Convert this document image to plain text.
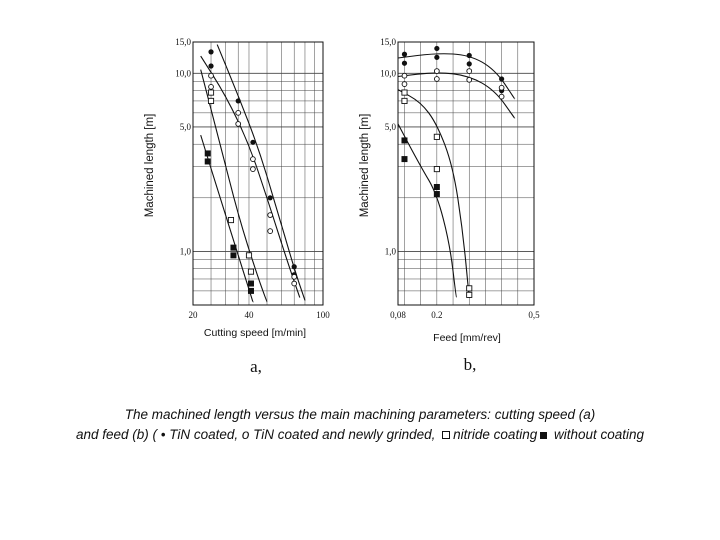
20	40	100
15,0
10,0
5,0
1,0
Cutting speed [m/min]
Machined length [m]
a,
0,08	0.2	0,5
15,0
10,0
5,0
1,0
Feed [mm/rev]
Machined length [m]
b,
The machined length versus the main machining parameters: cutting speed (a)
and feed (b) ( • TiN coated, o TiN coated and newly grinded, nitride coating without coating
